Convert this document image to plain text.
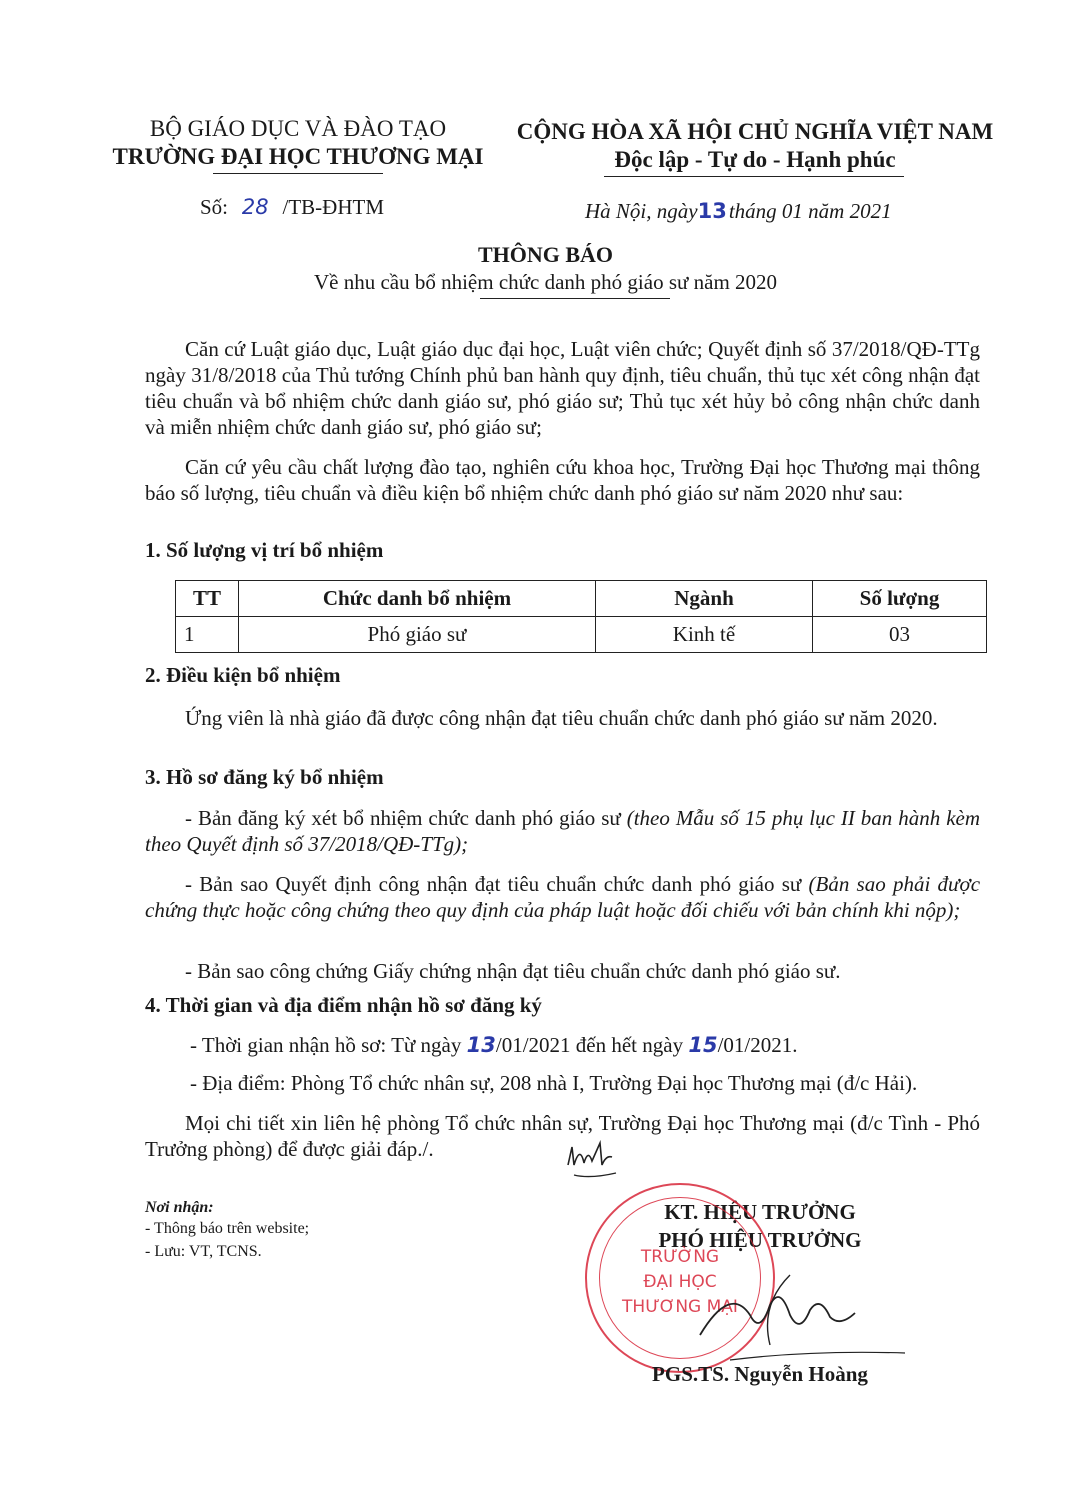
BỘ GIÁO DỤC VÀ ĐÀO TẠO
TRƯỜNG ĐẠI HỌC THƯƠNG MẠI
CỘNG HÒA XÃ HỘI CHỦ NGHĨA VIỆT NAM
Độc lập - Tự do - Hạnh phúc
Số: 28 /TB-ĐHTM	Hà Nội, ngày13 tháng 01 năm 2021
THÔNG BÁO
Về nhu cầu bổ nhiệm chức danh phó giáo sư năm 2020
Căn cứ Luật giáo dục, Luật giáo dục đại học, Luật viên chức; Quyết định số 37/2018/QĐ-TTg ngày 31/8/2018 của Thủ tướng Chính phủ ban hành quy định, tiêu chuẩn, thủ tục xét công nhận đạt tiêu chuẩn và bổ nhiệm chức danh giáo sư, phó giáo sư; Thủ tục xét hủy bỏ công nhận chức danh và miễn nhiệm chức danh giáo sư, phó giáo sư;
Căn cứ yêu cầu chất lượng đào tạo, nghiên cứu khoa học, Trường Đại học Thương mại thông báo số lượng, tiêu chuẩn và điều kiện bổ nhiệm chức danh phó giáo sư năm 2020 như sau:
1. Số lượng vị trí bổ nhiệm
TT	Chức danh bổ nhiệm	Ngành	Số lượng
1	Phó giáo sư	Kinh tế	03
2. Điều kiện bổ nhiệm
Ứng viên là nhà giáo đã được công nhận đạt tiêu chuẩn chức danh phó giáo sư năm 2020.
3. Hồ sơ đăng ký bổ nhiệm
- Bản đăng ký xét bổ nhiệm chức danh phó giáo sư (theo Mẫu số 15 phụ lục II ban hành kèm theo Quyết định số 37/2018/QĐ-TTg);
- Bản sao Quyết định công nhận đạt tiêu chuẩn chức danh phó giáo sư (Bản sao phải được chứng thực hoặc công chứng theo quy định của pháp luật hoặc đối chiếu với bản chính khi nộp);
- Bản sao công chứng Giấy chứng nhận đạt tiêu chuẩn chức danh phó giáo sư.
4. Thời gian và địa điểm nhận hồ sơ đăng ký
- Thời gian nhận hồ sơ: Từ ngày 13/01/2021 đến hết ngày 15/01/2021.
- Địa điểm: Phòng Tổ chức nhân sự, 208 nhà I, Trường Đại học Thương mại (đ/c Hải).
Mọi chi tiết xin liên hệ phòng Tổ chức nhân sự, Trường Đại học Thương mại (đ/c Tình - Phó Trưởng phòng) để được giải đáp./.
Nơi nhận:
- Thông báo trên website;
- Lưu: VT, TCNS.
KT. HIỆU TRƯỞNG
PHÓ HIỆU TRƯỞNG
TRƯỜNG
ĐẠI HỌC
THƯƠNG MẠI
PGS.TS. Nguyễn Hoàng
